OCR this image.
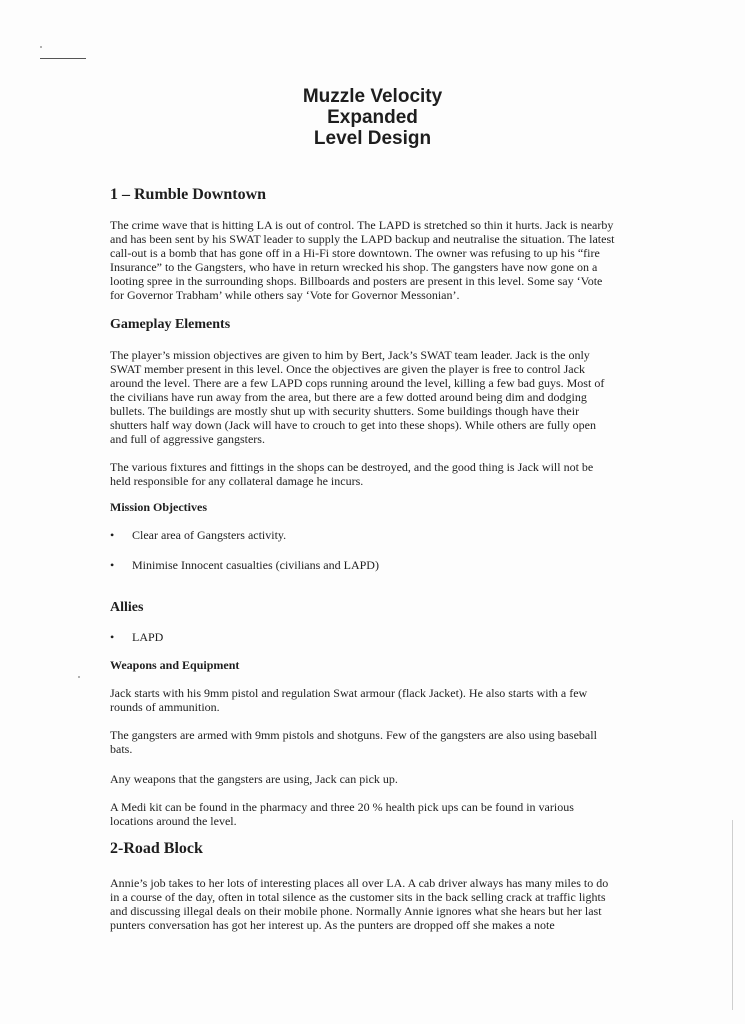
Muzzle Velocity
Expanded
Level Design
1 – Rumble Downtown

The crime wave that is hitting LA is out of control. The LAPD is stretched so thin it hurts. Jack is nearby and has been sent by his SWAT leader to supply the LAPD backup and neutralise the situation. The latest call-out is a bomb that has gone off in a Hi-Fi store downtown. The owner was refusing to up his “fire Insurance” to the Gangsters, who have in return wrecked his shop. The gangsters have now gone on a looting spree in the surrounding shops. Billboards and posters are present in this level. Some say ‘Vote for Governor Trabham’ while others say ‘Vote for Governor Messonian’.

Gameplay Elements

The player’s mission objectives are given to him by Bert, Jack’s SWAT team leader. Jack is the only SWAT member present in this level. Once the objectives are given the player is free to control Jack around the level. There are a few LAPD cops running around the level, killing a few bad guys. Most of the civilians have run away from the area, but there are a few dotted around being dim and dodging bullets. The buildings are mostly shut up with security shutters. Some buildings though have their shutters half way down (Jack will have to crouch to get into these shops). While others are fully open and full of aggressive gangsters.

The various fixtures and fittings in the shops can be destroyed, and the good thing is Jack will not be held responsible for any collateral damage he incurs.

Mission Objectives
• Clear area of Gangsters activity.
• Minimise Innocent casualties (civilians and LAPD)
Allies
• LAPD
Weapons and Equipment

Jack starts with his 9mm pistol and regulation Swat armour (flack Jacket). He also starts with a few rounds of ammunition.

The gangsters are armed with 9mm pistols and shotguns. Few of the gangsters are also using baseball bats.

Any weapons that the gangsters are using, Jack can pick up.

A Medi kit can be found in the pharmacy and three 20 % health pick ups can be found in various locations around the level.

2-Road Block

Annie’s job takes to her lots of interesting places all over LA. A cab driver always has many miles to do in a course of the day, often in total silence as the customer sits in the back selling crack at traffic lights and discussing illegal deals on their mobile phone. Normally Annie ignores what she hears but her last punters conversation has got her interest up. As the punters are dropped off she makes a note
